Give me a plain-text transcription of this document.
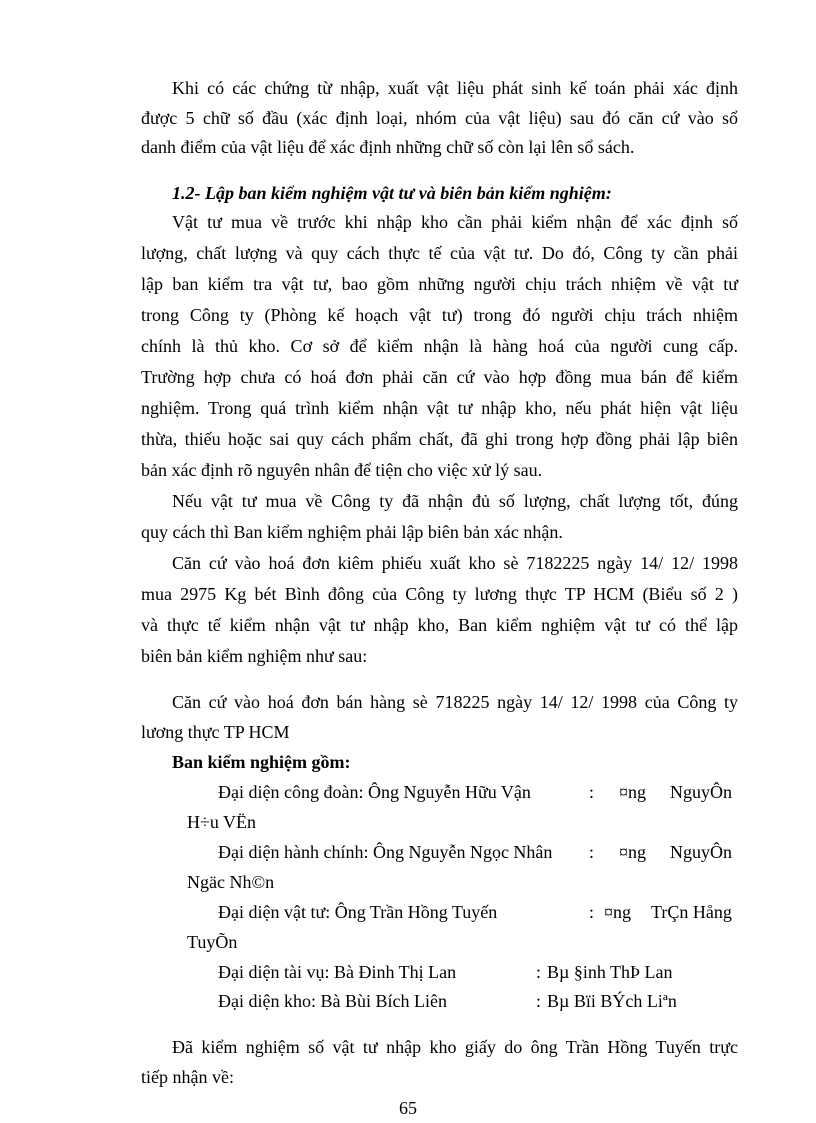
Khi có các chứng từ nhập, xuất vật liệu phát sinh kế toán phải xác định
được 5 chữ số đầu (xác định loại, nhóm của vật liệu) sau đó căn cứ vào sổ
danh điểm của vật liệu để xác định những chữ số còn lại lên sổ sách.
1.2- Lập ban kiểm nghiệm vật tư và biên bản kiểm nghiệm:
Vật tư mua về trước khi nhập kho cần phải kiểm nhận để xác định số
lượng, chất lượng và quy cách thực tế của vật tư. Do đó, Công ty cần phải
lập ban kiểm tra vật tư, bao gồm những người chịu trách nhiệm về vật tư
trong Công ty (Phòng kế hoạch vật tư) trong đó người chịu trách nhiệm
chính là thủ kho. Cơ sở để kiểm nhận là hàng hoá của người cung cấp.
Trường hợp chưa có hoá đơn phải căn cứ vào hợp đồng mua bán để kiểm
nghiệm. Trong quá trình kiểm nhận vật tư nhập kho, nếu phát hiện vật liệu
thừa, thiếu hoặc sai quy cách phẩm chất, đã ghi trong hợp đồng phải lập biên
bản xác định rõ nguyên nhân để tiện cho việc xử lý sau.
Nếu vật tư mua về Công ty đã nhận đủ số lượng, chất lượng tốt, đúng
quy cách thì Ban kiểm nghiệm phải lập biên bản xác nhận.
Căn cứ vào hoá đơn kiêm phiếu xuất kho sè 7182225 ngày 14/ 12/ 1998
mua 2975 Kg bét Bình đông của Công ty lương thực TP HCM (Biểu số 2 )
và thực tế kiểm nhận vật tư nhập kho, Ban kiểm nghiệm vật tư có thể lập
biên bản kiểm nghiệm như sau:
Căn cứ vào hoá đơn bán hàng sè 718225 ngày 14/ 12/ 1998 của Công ty
lương thực TP HCM
Ban kiểm nghiệm gồm:
Đại diện công đoàn: Ông Nguyễn Hữu Vận	: ¤ng NguyÔn
H÷u VËn
Đại diện hành chính: Ông Nguyễn Ngọc Nhân : ¤ng NguyÔn
Ngäc Nh©n
Đại diện vật tư: Ông Trần Hồng Tuyến	: ¤ng TrÇn Hång
TuyÕn
Đại diện tài vụ: Bà Đinh Thị Lan	: Bµ §inh ThÞ Lan
Đại diện kho: Bà Bùi Bích Liên	: Bµ Bïi BÝch Liªn
Đã kiểm nghiệm số vật tư nhập kho giấy do ông Trần Hồng Tuyến trực
tiếp nhận về:
65
